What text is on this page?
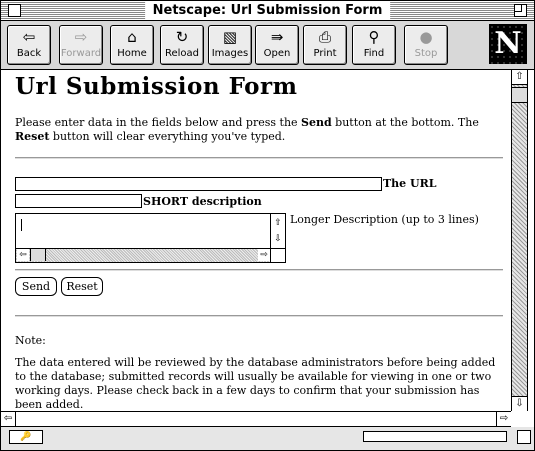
Netscape: Url Submission Form
⇦
Back
⇨
Forward
⌂
Home
↻
Reload
▧
Images
⇛
Open
⎙
Print
⚲
Find
●
Stop	N
Url Submission Form
Please enter data in the fields below and press the Send button at the bottom. The Reset button will clear everything you've typed.
The URL
SHORT description
⇧
⇩
⇦	⇨
Longer Description (up to 3 lines)
Send	Reset
Note:
The data entered will be reviewed by the database administrators before being added to the database; submitted records will usually be available for viewing in one or two working days. Please check back in a few days to confirm that your submission has been added.
⇧
⇩
⇦	⇨
🔑
